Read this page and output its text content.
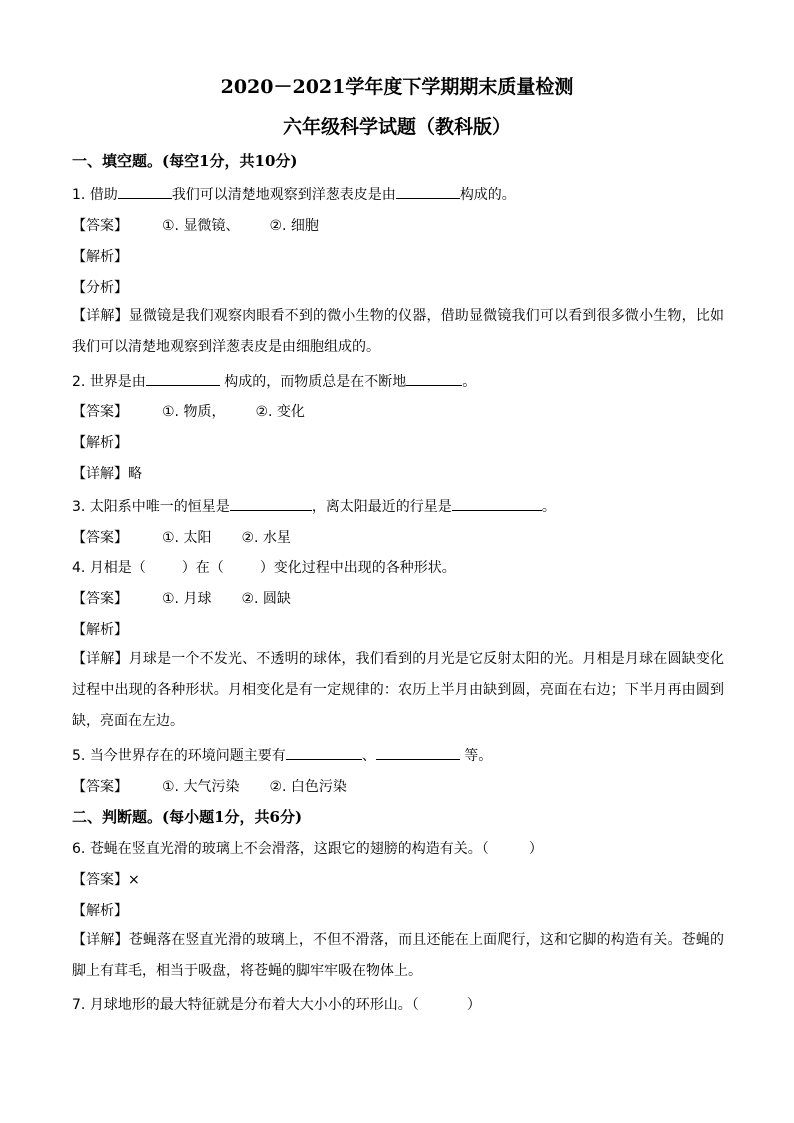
2020－2021学年度下学期期末质量检测
六年级科学试题（教科版）
一、填空题。(每空1分，共10分)
1. 借助	我们可以清楚地观察到洋葱表皮是由	构成的。
【答案】 ①. 显微镜、 ②. 细胞
【解析】
【分析】
【详解】显微镜是我们观察肉眼看不到的微小生物的仪器，借助显微镜我们可以看到很多微小生物，比如我们可以清楚地观察到洋葱表皮是由细胞组成的。
2. 世界是由	构成的，而物质总是在不断地	。
【答案】 ①. 物质， ②. 变化
【解析】
【详解】略
3. 太阳系中唯一的恒星是	，离太阳最近的行星是	。
【答案】 ①. 太阳 ②. 水星
4. 月相是（	）在（	）变化过程中出现的各种形状。
【答案】 ①. 月球 ②. 圆缺
【解析】
【详解】月球是一个不发光、不透明的球体，我们看到的月光是它反射太阳的光。月相是月球在圆缺变化过程中出现的各种形状。月相变化是有一定规律的：农历上半月由缺到圆，亮面在右边；下半月再由圆到缺，亮面在左边。
5. 当今世界存在的环境问题主要有	、	等。
【答案】 ①. 大气污染 ②. 白色污染
二、判断题。(每小题1分，共6分)
6. 苍蝇在竖直光滑的玻璃上不会滑落，这跟它的翅膀的构造有关。（	）
【答案】×
【解析】
【详解】苍蝇落在竖直光滑的玻璃上，不但不滑落，而且还能在上面爬行，这和它脚的构造有关。苍蝇的脚上有茸毛，相当于吸盘，将苍蝇的脚牢牢吸在物体上。
7. 月球地形的最大特征就是分布着大大小小的环形山。（	）
